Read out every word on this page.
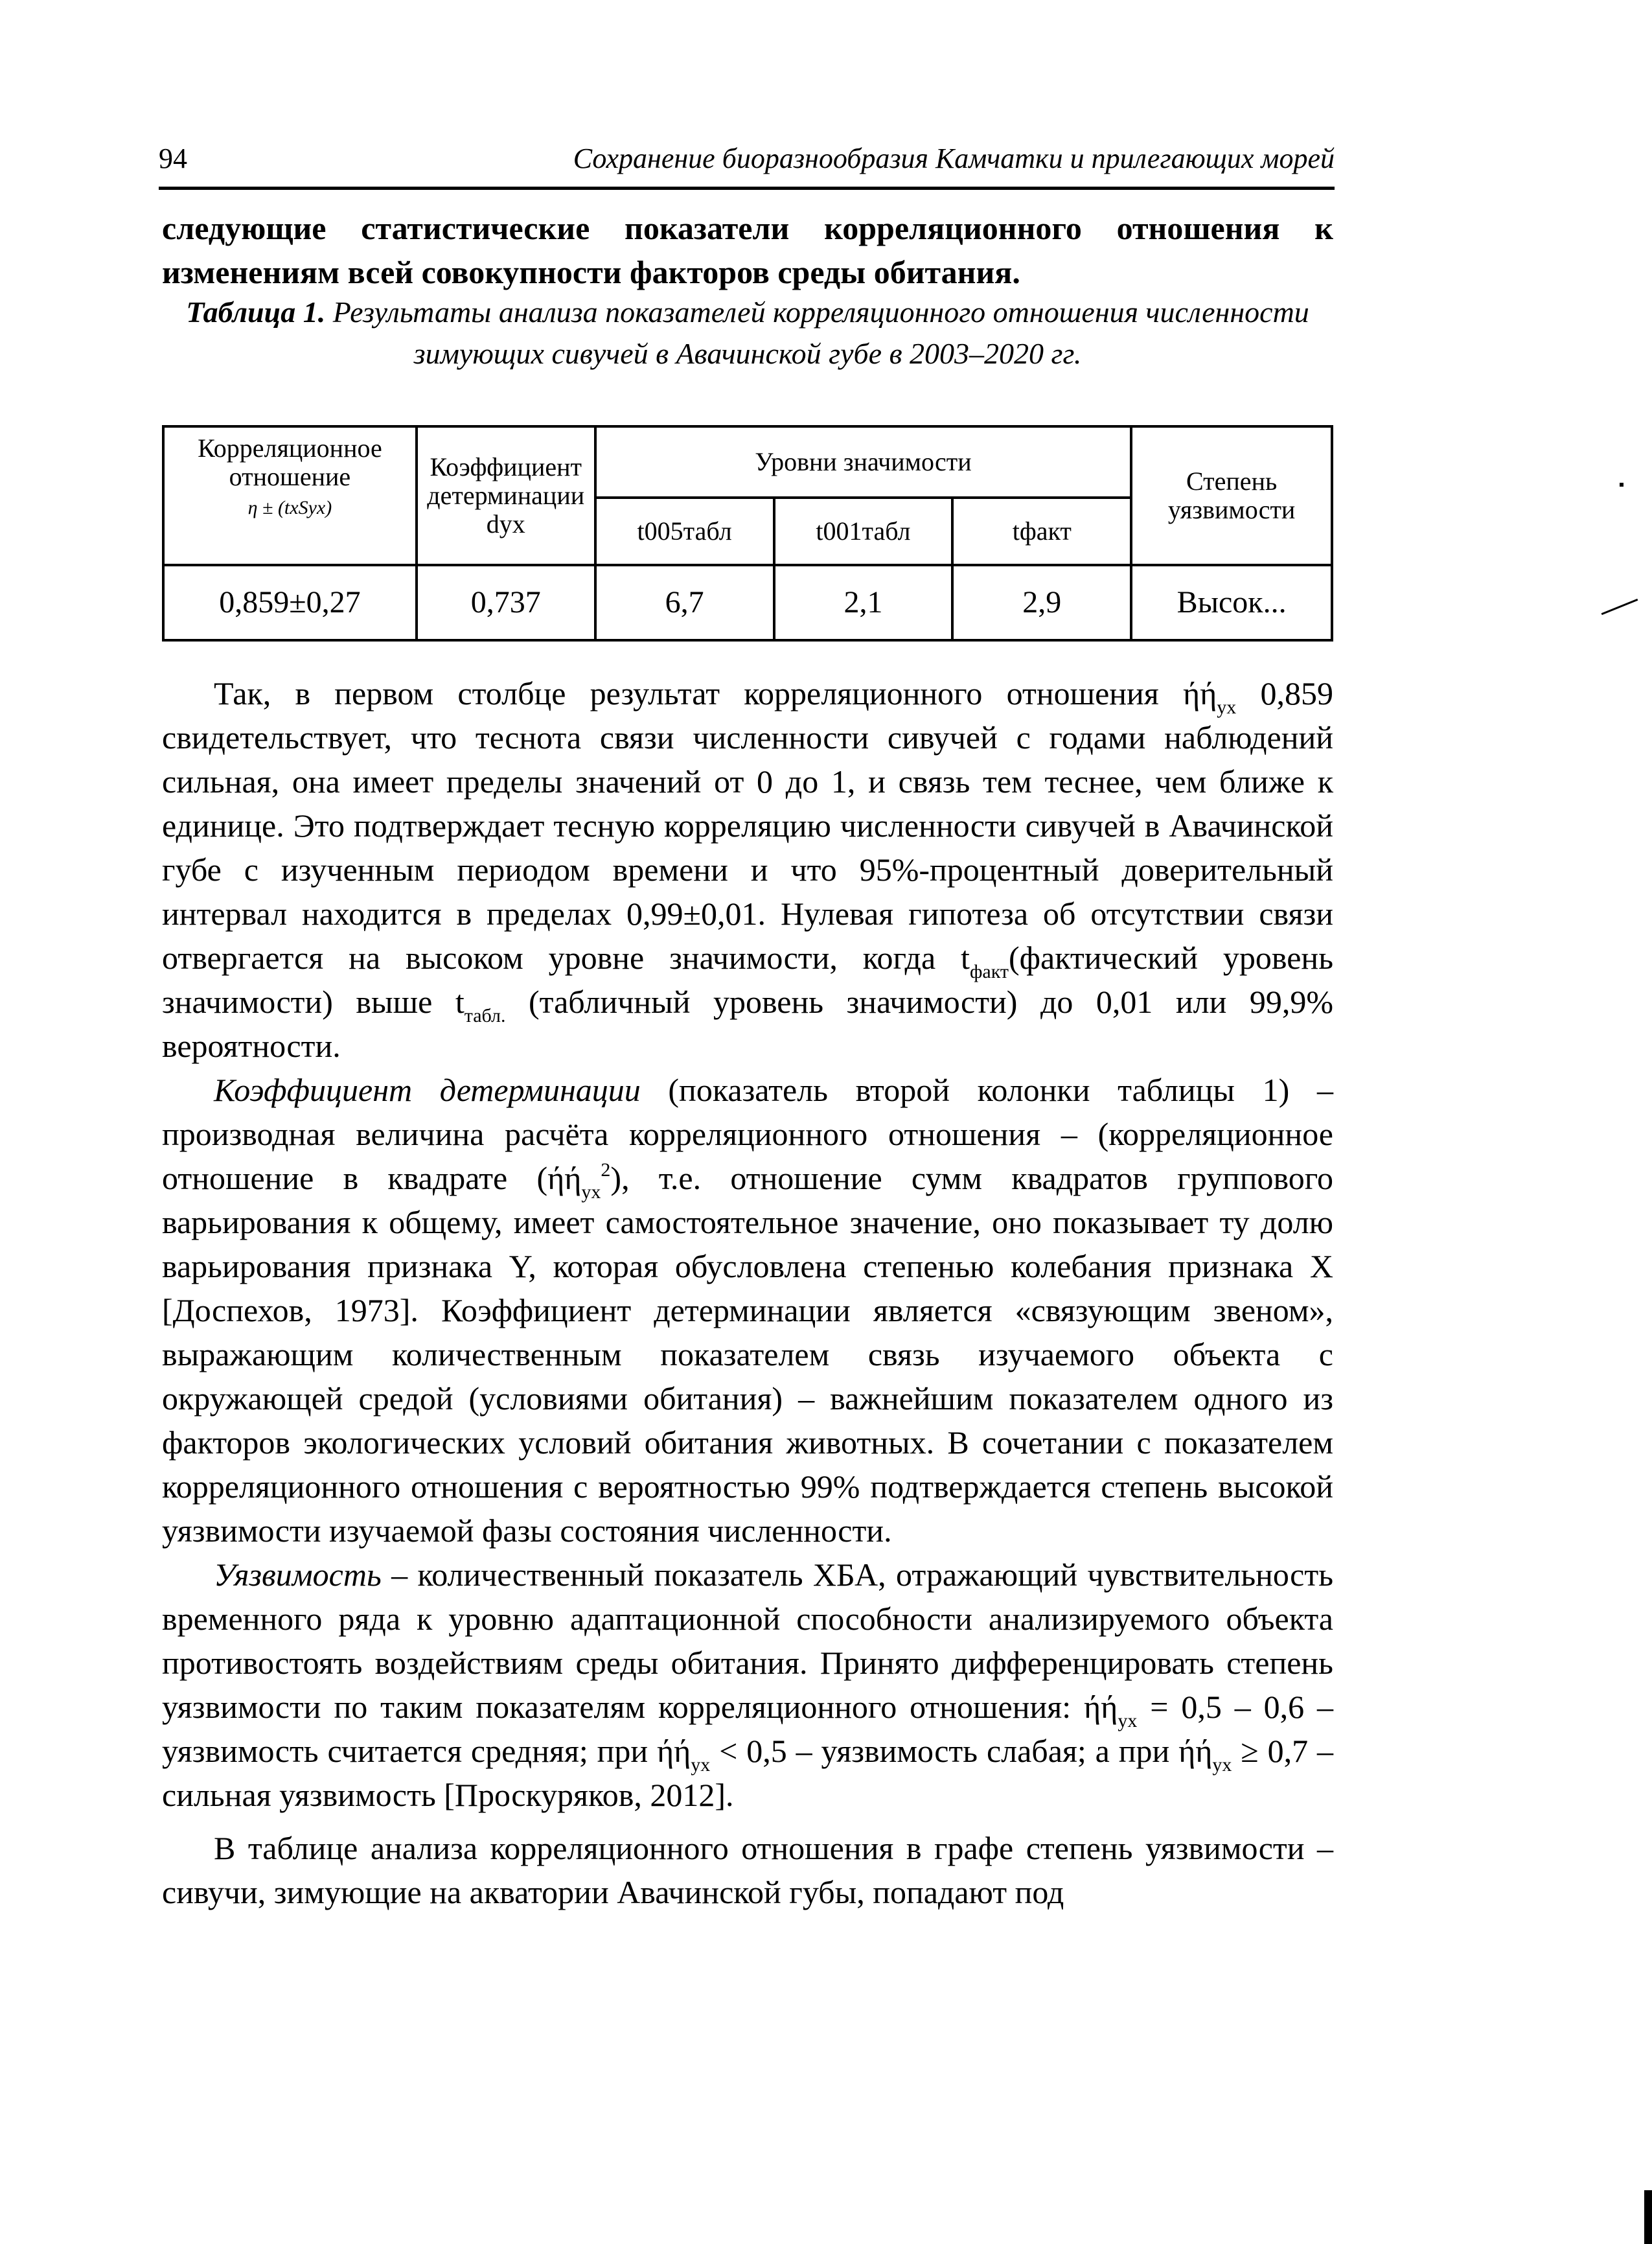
94	Сохранение биоразнообразия Камчатки и прилегающих морей

следующие статистические показатели корреляционного отношения к изменениям всей совокупности факторов среды обитания.

Таблица 1. Результаты анализа показателей корреляционного отношения численности зимующих сивучей в Авачинской губе в 2003–2020 гг.
Корреляционное отношение
η ± (txSyx)	Коэффициент детерминации dyx	Уровни значимости			Степень уязвимости
		t005табл	t001табл	tфакт	
0,859±0,27	0,737	6,7	2,1	2,9	Высок...

Так, в первом столбце результат корреляционного отношения $ήή_{ух}$ 0,859 свидетельствует, что теснота связи численности сивучей с годами наблюдений сильная, она имеет пределы значений от 0 до 1, и связь тем теснее, чем ближе к единице. Это подтверждает тесную корреляцию численности сивучей в Авачинской губе с изученным периодом времени и что 95%-процентный доверительный интервал находится в пределах 0,99±0,01. Нулевая гипотеза об отсутствии связи отвергается на высоком уровне значимости, когда $t_{факт}(фактический$ уровень значимости) выше $t_{табл.}$ (табличный уровень значимости) до 0,01 или 99,9% вероятности.

Коэффициент детерминации (показатель второй колонки таблицы 1) – производная величина расчёта корреляционного отношения – (корреляционное отношение в квадрате $(ήή_{ух}^2)$, т.е. отношение сумм квадратов группового варьирования к общему, имеет самостоятельное значение, оно показывает ту долю варьирования признака Y, которая обусловлена степенью колебания признака X [Доспехов, 1973]. Коэффициент детерминации является «связующим звеном», выражающим количественным показателем связь изучаемого объекта с окружающей средой (условиями обитания) – важнейшим показателем одного из факторов экологических условий обитания животных. В сочетании с показателем корреляционного отношения с вероятностью 99% подтверждается степень высокой уязвимости изучаемой фазы состояния численности.

Уязвимость – количественный показатель ХБА, отражающий чувствительность временного ряда к уровню адаптационной способности анализируемого объекта противостоять воздействиям среды обитания. Принято дифференцировать степень уязвимости по таким показателям корреляционного отношения: $ήή_{ух} = 0,5 - 0,6$ – уязвимость считается средняя; при $ήή_{ух} < 0,5$ – уязвимость слабая; а при $ήή_{ух} \ge 0,7$ – сильная уязвимость [Проскуряков, 2012].

В таблице анализа корреляционного отношения в графе степень уязвимости – сивучи, зимующие на акватории Авачинской губы, попадают под
